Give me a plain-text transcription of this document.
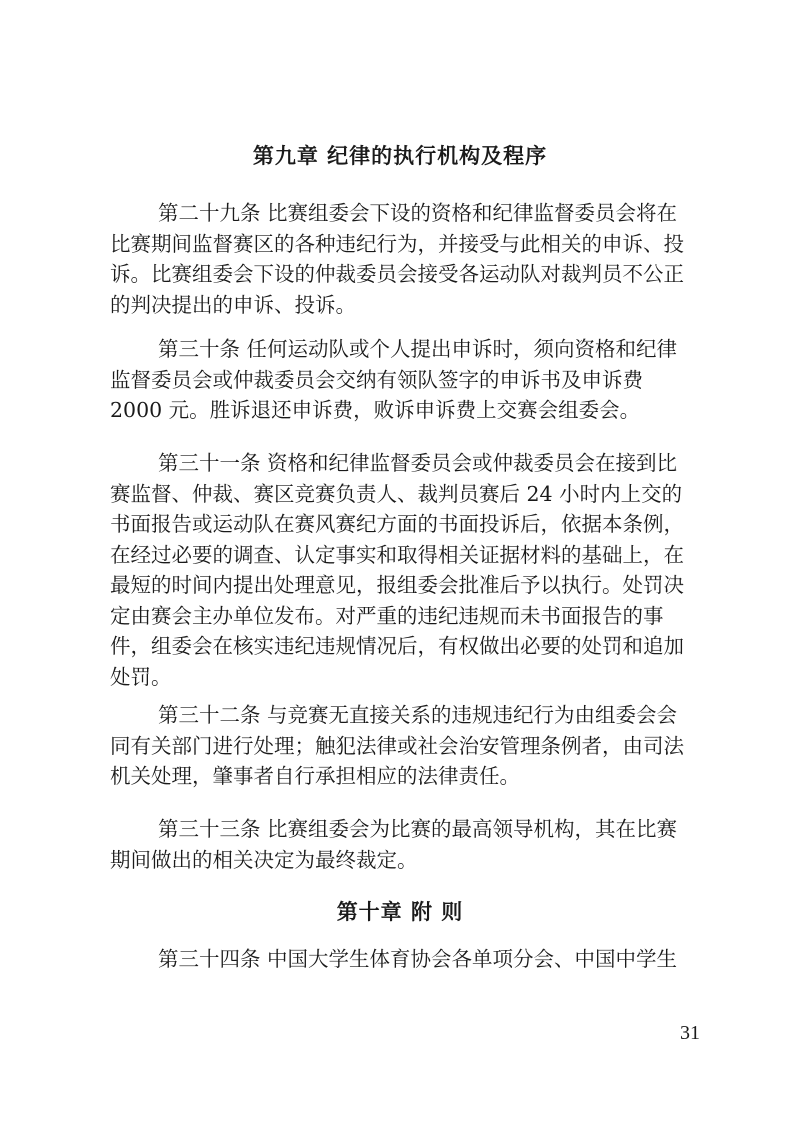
第九章 纪律的执行机构及程序
第二十九条 比赛组委会下设的资格和纪律监督委员会将在
比赛期间监督赛区的各种违纪行为，并接受与此相关的申诉、投
诉。比赛组委会下设的仲裁委员会接受各运动队对裁判员不公正
的判决提出的申诉、投诉。
第三十条 任何运动队或个人提出申诉时，须向资格和纪律
监督委员会或仲裁委员会交纳有领队签字的申诉书及申诉费
2000 元。胜诉退还申诉费，败诉申诉费上交赛会组委会。
第三十一条 资格和纪律监督委员会或仲裁委员会在接到比
赛监督、仲裁、赛区竞赛负责人、裁判员赛后 24 小时内上交的
书面报告或运动队在赛风赛纪方面的书面投诉后，依据本条例，
在经过必要的调查、认定事实和取得相关证据材料的基础上，在
最短的时间内提出处理意见，报组委会批准后予以执行。处罚决
定由赛会主办单位发布。对严重的违纪违规而未书面报告的事
件，组委会在核实违纪违规情况后，有权做出必要的处罚和追加
处罚。
第三十二条 与竞赛无直接关系的违规违纪行为由组委会会
同有关部门进行处理；触犯法律或社会治安管理条例者，由司法
机关处理，肇事者自行承担相应的法律责任。
第三十三条 比赛组委会为比赛的最高领导机构，其在比赛
期间做出的相关决定为最终裁定。
第十章 附 则
第三十四条 中国大学生体育协会各单项分会、中国中学生
31
